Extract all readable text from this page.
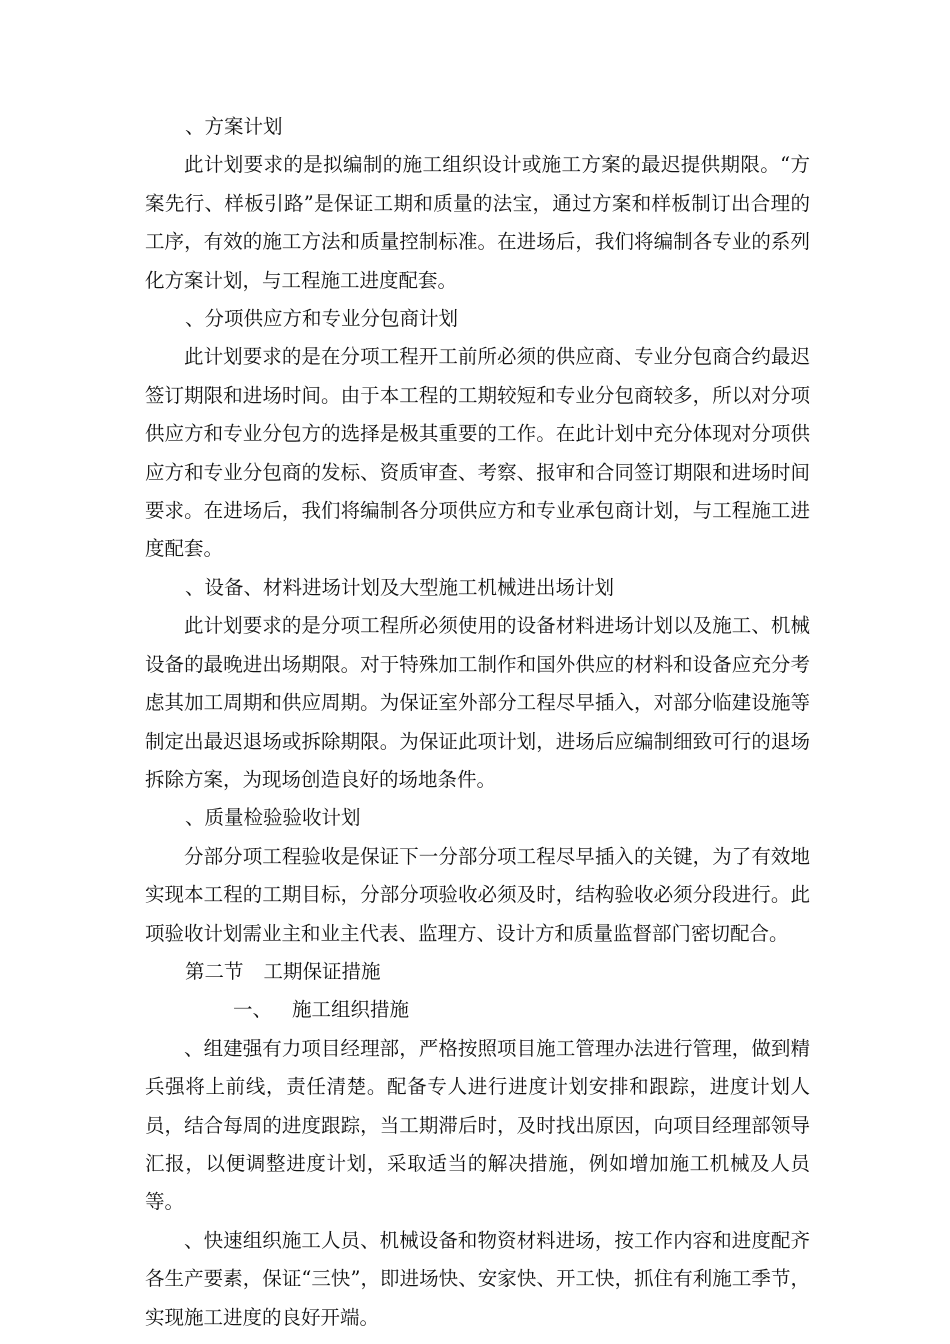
、方案计划
此计划要求的是拟编制的施工组织设计或施工方案的最迟提供期限。“方案先行、样板引路”是保证工期和质量的法宝，通过方案和样板制订出合理的工序，有效的施工方法和质量控制标准。在进场后，我们将编制各专业的系列化方案计划，与工程施工进度配套。
、分项供应方和专业分包商计划
此计划要求的是在分项工程开工前所必须的供应商、专业分包商合约最迟签订期限和进场时间。由于本工程的工期较短和专业分包商较多，所以对分项供应方和专业分包方的选择是极其重要的工作。在此计划中充分体现对分项供应方和专业分包商的发标、资质审查、考察、报审和合同签订期限和进场时间要求。在进场后，我们将编制各分项供应方和专业承包商计划，与工程施工进度配套。
、设备、材料进场计划及大型施工机械进出场计划
此计划要求的是分项工程所必须使用的设备材料进场计划以及施工、机械设备的最晚进出场期限。对于特殊加工制作和国外供应的材料和设备应充分考虑其加工周期和供应周期。为保证室外部分工程尽早插入，对部分临建设施等制定出最迟退场或拆除期限。为保证此项计划，进场后应编制细致可行的退场拆除方案，为现场创造良好的场地条件。
、质量检验验收计划
分部分项工程验收是保证下一分部分项工程尽早插入的关键，为了有效地实现本工程的工期目标，分部分项验收必须及时，结构验收必须分段进行。此项验收计划需业主和业主代表、监理方、设计方和质量监督部门密切配合。
第二节 工期保证措施
一、 施工组织措施
、组建强有力项目经理部，严格按照项目施工管理办法进行管理，做到精兵强将上前线，责任清楚。配备专人进行进度计划安排和跟踪，进度计划人员，结合每周的进度跟踪，当工期滞后时，及时找出原因，向项目经理部领导汇报，以便调整进度计划，采取适当的解决措施，例如增加施工机械及人员等。
、快速组织施工人员、机械设备和物资材料进场，按工作内容和进度配齐各生产要素，保证“三快”，即进场快、安家快、开工快，抓住有利施工季节，实现施工进度的良好开端。
